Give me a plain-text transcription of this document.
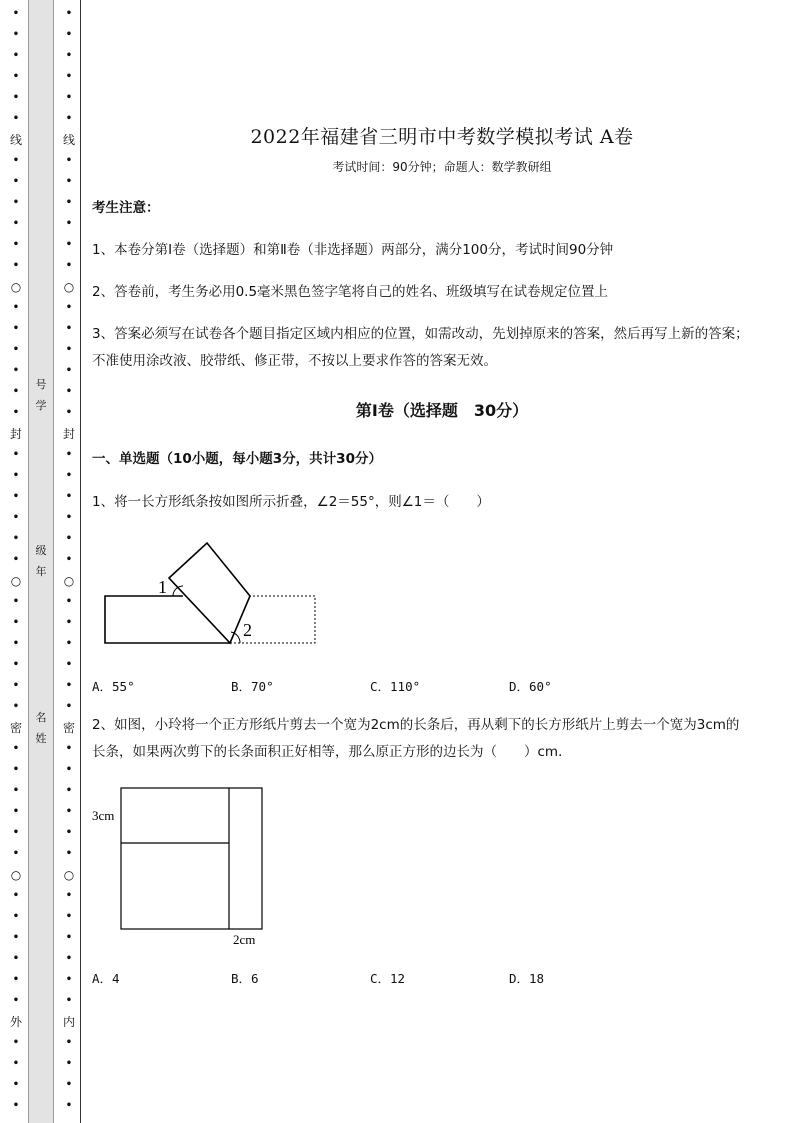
•
•
•
•
•
•
线
•
•
•
•
•
•
○
•
•
•
•
•
•
封
•
•
•
•
•
•
○
•
•
•
•
•
•
密
•
•
•
•
•
•
○
•
•
•
•
•
•
外
•
•
•
•
•
•
•
•
•
•
线
•
•
•
•
•
•
○
•
•
•
•
•
•
封
•
•
•
•
•
•
○
•
•
•
•
•
•
密
•
•
•
•
•
•
○
•
•
•
•
•
•
内
•
•
•
•
号
学
级
年
名
姓
2022年福建省三明市中考数学模拟考试 A卷
考试时间：90分钟；命题人：数学教研组
考生注意：
1、本卷分第Ⅰ卷（选择题）和第Ⅱ卷（非选择题）两部分，满分100分，考试时间90分钟
2、答卷前，考生务必用0.5毫米黑色签字笔将自己的姓名、班级填写在试卷规定位置上
3、答案必须写在试卷各个题目指定区域内相应的位置，如需改动，先划掉原来的答案，然后再写上新的答案；不准使用涂改液、胶带纸、修正带，不按以上要求作答的答案无效。
第Ⅰ卷（选择题　30分）
一、单选题（10小题，每小题3分，共计30分）
1、将一长方形纸条按如图所示折叠，∠2＝55°，则∠1＝（　　）
1
2
A．55°	B．70°	C．110°	D．60°
2、如图，小玲将一个正方形纸片剪去一个宽为2cm的长条后，再从剩下的长方形纸片上剪去一个宽为3cm的长条，如果两次剪下的长条面积正好相等，那么原正方形的边长为（　　）cm．
3cm
2cm
A．4	B．6	C．12	D．18
